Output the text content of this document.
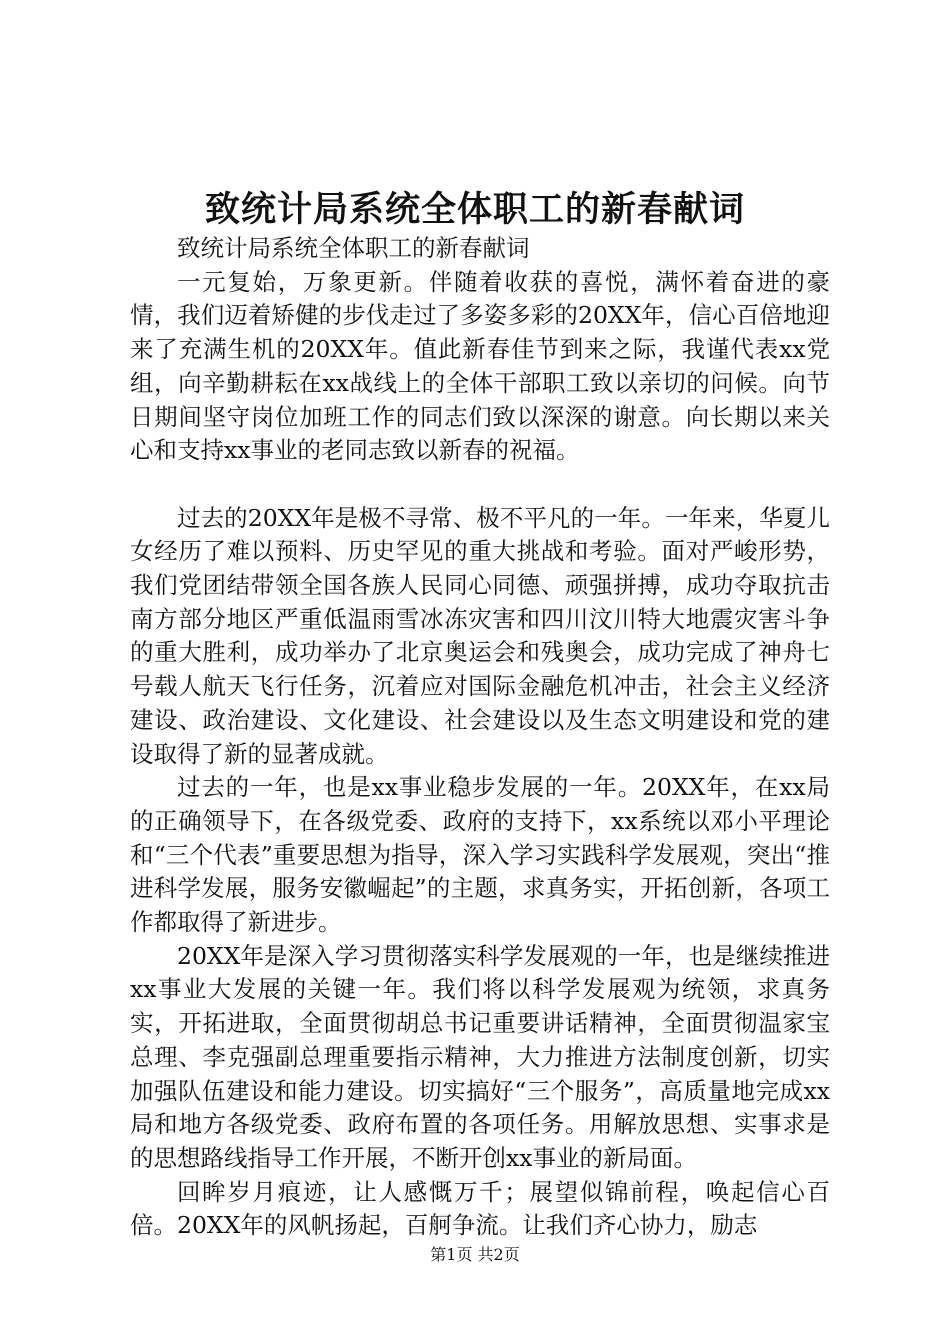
致统计局系统全体职工的新春献词

致统计局系统全体职工的新春献词

一元复始，万象更新。伴随着收获的喜悦，满怀着奋进的豪情，我们迈着矫健的步伐走过了多姿多彩的20XX年，信心百倍地迎来了充满生机的20XX年。值此新春佳节到来之际，我谨代表xx党组，向辛勤耕耘在xx战线上的全体干部职工致以亲切的问候。向节日期间坚守岗位加班工作的同志们致以深深的谢意。向长期以来关心和支持xx事业的老同志致以新春的祝福。

过去的20XX年是极不寻常、极不平凡的一年。一年来，华夏儿女经历了难以预料、历史罕见的重大挑战和考验。面对严峻形势，我们党团结带领全国各族人民同心同德、顽强拼搏，成功夺取抗击南方部分地区严重低温雨雪冰冻灾害和四川汶川特大地震灾害斗争的重大胜利，成功举办了北京奥运会和残奥会，成功完成了神舟七号载人航天飞行任务，沉着应对国际金融危机冲击，社会主义经济建设、政治建设、文化建设、社会建设以及生态文明建设和党的建设取得了新的显著成就。

过去的一年，也是xx事业稳步发展的一年。20XX年，在xx局的正确领导下，在各级党委、政府的支持下，xx系统以邓小平理论和“三个代表”重要思想为指导，深入学习实践科学发展观，突出“推进科学发展，服务安徽崛起”的主题，求真务实，开拓创新，各项工作都取得了新进步。

20XX年是深入学习贯彻落实科学发展观的一年，也是继续推进xx事业大发展的关键一年。我们将以科学发展观为统领，求真务实，开拓进取，全面贯彻胡总书记重要讲话精神，全面贯彻温家宝总理、李克强副总理重要指示精神，大力推进方法制度创新，切实加强队伍建设和能力建设。切实搞好“三个服务”，高质量地完成xx局和地方各级党委、政府布置的各项任务。用解放思想、实事求是的思想路线指导工作开展，不断开创xx事业的新局面。

回眸岁月痕迹，让人感慨万千；展望似锦前程，唤起信心百倍。20XX年的风帆扬起，百舸争流。让我们齐心协力，励志

第1页 共2页
